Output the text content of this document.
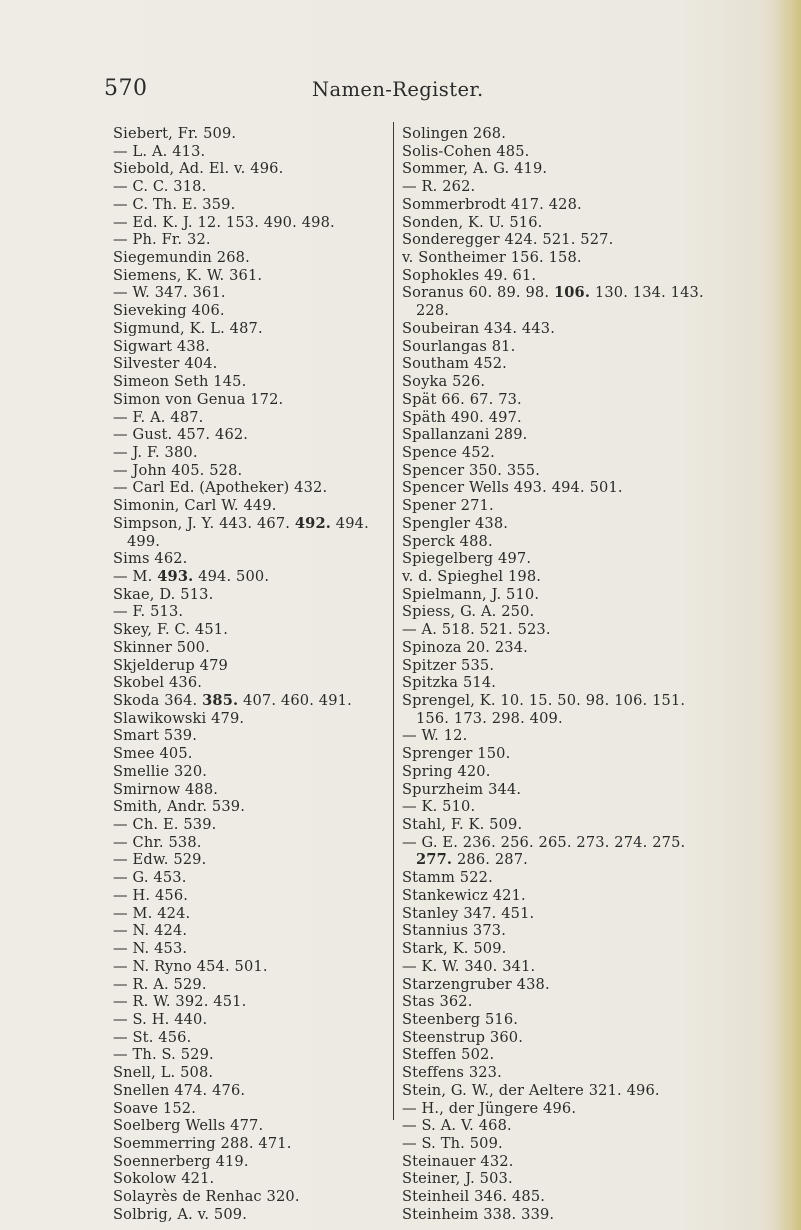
570	Namen-Register.
Siebert, Fr. 509.
— L. A. 413.
Siebold, Ad. El. v. 496.
— C. C. 318.
— C. Th. E. 359.
— Ed. K. J. 12. 153. 490. 498.
— Ph. Fr. 32.
Siegemundin 268.
Siemens, K. W. 361.
— W. 347. 361.
Sieveking 406.
Sigmund, K. L. 487.
Sigwart 438.
Silvester 404.
Simeon Seth 145.
Simon von Genua 172.
— F. A. 487.
— Gust. 457. 462.
— J. F. 380.
— John 405. 528.
— Carl Ed. (Apotheker) 432.
Simonin, Carl W. 449.
Simpson, J. Y. 443. 467. 492. 494.
499.
Sims 462.
— M. 493. 494. 500.
Skae, D. 513.
— F. 513.
Skey, F. C. 451.
Skinner 500.
Skjelderup 479
Skobel 436.
Skoda 364. 385. 407. 460. 491.
Slawikowski 479.
Smart 539.
Smee 405.
Smellie 320.
Smirnow 488.
Smith, Andr. 539.
— Ch. E. 539.
— Chr. 538.
— Edw. 529.
— G. 453.
— H. 456.
— M. 424.
— N. 424.
— N. 453.
— N. Ryno 454. 501.
— R. A. 529.
— R. W. 392. 451.
— S. H. 440.
— St. 456.
— Th. S. 529.
Snell, L. 508.
Snellen 474. 476.
Soave 152.
Soelberg Wells 477.
Soemmerring 288. 471.
Soennerberg 419.
Sokolow 421.
Solayrès de Renhac 320.
Solbrig, A. v. 509.
Solingen 268.
Solis-Cohen 485.
Sommer, A. G. 419.
— R. 262.
Sommerbrodt 417. 428.
Sonden, K. U. 516.
Sonderegger 424. 521. 527.
v. Sontheimer 156. 158.
Sophokles 49. 61.
Soranus 60. 89. 98. 106. 130. 134. 143.
228.
Soubeiran 434. 443.
Sourlangas 81.
Southam 452.
Soyka 526.
Spät 66. 67. 73.
Späth 490. 497.
Spallanzani 289.
Spence 452.
Spencer 350. 355.
Spencer Wells 493. 494. 501.
Spener 271.
Spengler 438.
Sperck 488.
Spiegelberg 497.
v. d. Spieghel 198.
Spielmann, J. 510.
Spiess, G. A. 250.
— A. 518. 521. 523.
Spinoza 20. 234.
Spitzer 535.
Spitzka 514.
Sprengel, K. 10. 15. 50. 98. 106. 151.
156. 173. 298. 409.
— W. 12.
Sprenger 150.
Spring 420.
Spurzheim 344.
— K. 510.
Stahl, F. K. 509.
— G. E. 236. 256. 265. 273. 274. 275.
277. 286. 287.
Stamm 522.
Stankewicz 421.
Stanley 347. 451.
Stannius 373.
Stark, K. 509.
— K. W. 340. 341.
Starzengruber 438.
Stas 362.
Steenberg 516.
Steenstrup 360.
Steffen 502.
Steffens 323.
Stein, G. W., der Aeltere 321. 496.
— H., der Jüngere 496.
— S. A. V. 468.
— S. Th. 509.
Steinauer 432.
Steiner, J. 503.
Steinheil 346. 485.
Steinheim 338. 339.
